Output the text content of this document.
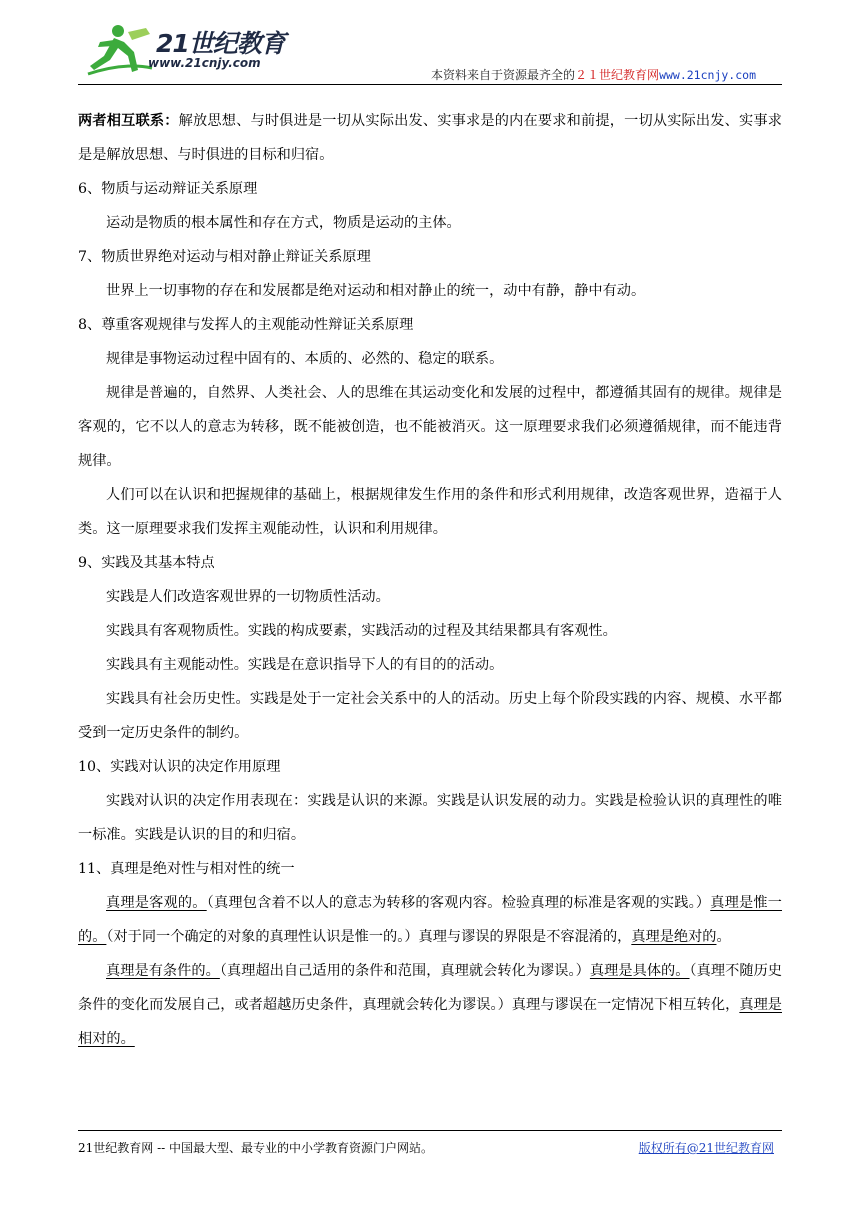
21世纪教育
www.21cnjy.com
本资料来自于资源最齐全的２１世纪教育网www.21cnjy.com

两者相互联系：解放思想、与时俱进是一切从实际出发、实事求是的内在要求和前提，一切从实际出发、实事求是是解放思想、与时俱进的目标和归宿。

6、物质与运动辩证关系原理

运动是物质的根本属性和存在方式，物质是运动的主体。

7、物质世界绝对运动与相对静止辩证关系原理

世界上一切事物的存在和发展都是绝对运动和相对静止的统一，动中有静，静中有动。

8、尊重客观规律与发挥人的主观能动性辩证关系原理

规律是事物运动过程中固有的、本质的、必然的、稳定的联系。

规律是普遍的，自然界、人类社会、人的思维在其运动变化和发展的过程中，都遵循其固有的规律。规律是客观的，它不以人的意志为转移，既不能被创造，也不能被消灭。这一原理要求我们必须遵循规律，而不能违背规律。

人们可以在认识和把握规律的基础上，根据规律发生作用的条件和形式利用规律，改造客观世界，造福于人类。这一原理要求我们发挥主观能动性，认识和利用规律。

9、实践及其基本特点

实践是人们改造客观世界的一切物质性活动。

实践具有客观物质性。实践的构成要素，实践活动的过程及其结果都具有客观性。

实践具有主观能动性。实践是在意识指导下人的有目的的活动。

实践具有社会历史性。实践是处于一定社会关系中的人的活动。历史上每个阶段实践的内容、规模、水平都受到一定历史条件的制约。

10、实践对认识的决定作用原理

实践对认识的决定作用表现在：实践是认识的来源。实践是认识发展的动力。实践是检验认识的真理性的唯一标准。实践是认识的目的和归宿。

11、真理是绝对性与相对性的统一

真理是客观的。（真理包含着不以人的意志为转移的客观内容。检验真理的标准是客观的实践。）真理是惟一的。（对于同一个确定的对象的真理性认识是惟一的。）真理与谬误的界限是不容混淆的，真理是绝对的。

真理是有条件的。（真理超出自己适用的条件和范围，真理就会转化为谬误。）真理是具体的。（真理不随历史条件的变化而发展自己，或者超越历史条件，真理就会转化为谬误。）真理与谬误在一定情况下相互转化，真理是相对的。

21世纪教育网 -- 中国最大型、最专业的中小学教育资源门户网站。	版权所有@21世纪教育网
